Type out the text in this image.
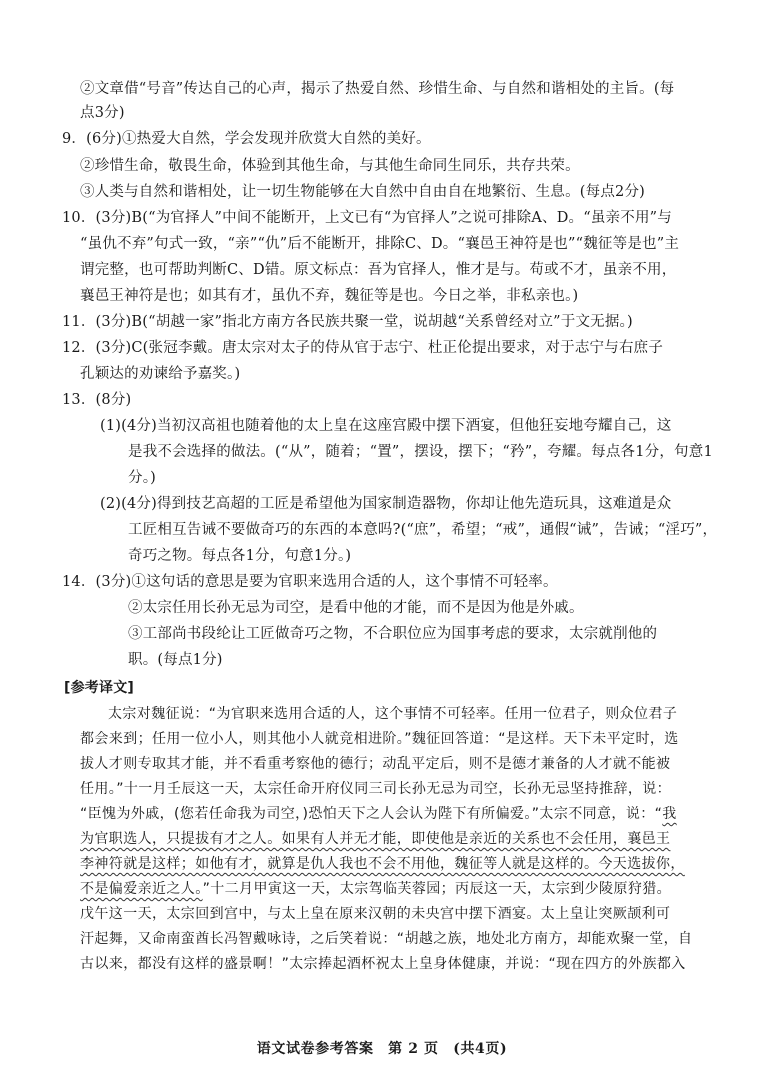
②文章借“号音”传达自己的心声，揭示了热爱自然、珍惜生命、与自然和谐相处的主旨。(每
点3分)
9．(6分)①热爱大自然，学会发现并欣赏大自然的美好。
②珍惜生命，敬畏生命，体验到其他生命，与其他生命同生同乐，共存共荣。
③人类与自然和谐相处，让一切生物能够在大自然中自由自在地繁衍、生息。(每点2分)
10．(3分)B(“为官择人”中间不能断开，上文已有“为官择人”之说可排除A、D。“虽亲不用”与
“虽仇不弃”句式一致，“亲”“仇”后不能断开，排除C、D。“襄邑王神符是也”“魏征等是也”主
谓完整，也可帮助判断C、D错。原文标点：吾为官择人，惟才是与。苟或不才，虽亲不用，
襄邑王神符是也；如其有才，虽仇不弃，魏征等是也。今日之举，非私亲也。)
11．(3分)B(“胡越一家”指北方南方各民族共聚一堂，说胡越“关系曾经对立”于文无据。)
12．(3分)C(张冠李戴。唐太宗对太子的侍从官于志宁、杜正伦提出要求，对于志宁与右庶子
孔颖达的劝谏给予嘉奖。)
13．(8分)
(1)(4分)当初汉高祖也随着他的太上皇在这座宫殿中摆下酒宴，但他狂妄地夸耀自己，这
是我不会选择的做法。(“从”，随着；“置”，摆设，摆下；“矜”，夸耀。每点各1分，句意1
分。)
(2)(4分)得到技艺高超的工匠是希望他为国家制造器物，你却让他先造玩具，这难道是众
工匠相互告诫不要做奇巧的东西的本意吗?(“庶”，希望；“戒”，通假“诫”，告诫；“淫巧”，
奇巧之物。每点各1分，句意1分。)
14．(3分)①这句话的意思是要为官职来选用合适的人，这个事情不可轻率。
②太宗任用长孙无忌为司空，是看中他的才能，而不是因为他是外戚。
③工部尚书段纶让工匠做奇巧之物，不合职位应为国事考虑的要求，太宗就削他的
职。(每点1分)
[参考译文]
太宗对魏征说：“为官职来选用合适的人，这个事情不可轻率。任用一位君子，则众位君子
都会来到；任用一位小人，则其他小人就竞相进阶。”魏征回答道：“是这样。天下未平定时，选
拔人才则专取其才能，并不看重考察他的德行；动乱平定后，则不是德才兼备的人才就不能被
任用。”十一月壬辰这一天，太宗任命开府仪同三司长孙无忌为司空，长孙无忌坚持推辞，说：
“臣愧为外戚，(您若任命我为司空，)恐怕天下之人会认为陛下有所偏爱。”太宗不同意，说：“我
为官职选人，只提拔有才之人。如果有人并无才能，即使他是亲近的关系也不会任用，襄邑王
李神符就是这样；如他有才，就算是仇人我也不会不用他，魏征等人就是这样的。今天选拔你，
不是偏爱亲近之人。”十二月甲寅这一天，太宗驾临芙蓉园；丙辰这一天，太宗到少陵原狩猎。
戊午这一天，太宗回到宫中，与太上皇在原来汉朝的未央宫中摆下酒宴。太上皇让突厥颉利可
汗起舞，又命南蛮酋长冯智戴咏诗，之后笑着说：“胡越之族，地处北方南方，却能欢聚一堂，自
古以来，都没有这样的盛景啊！”太宗捧起酒杯祝太上皇身体健康，并说：“现在四方的外族都入
语文试卷参考答案　第 2 页　(共4页)
